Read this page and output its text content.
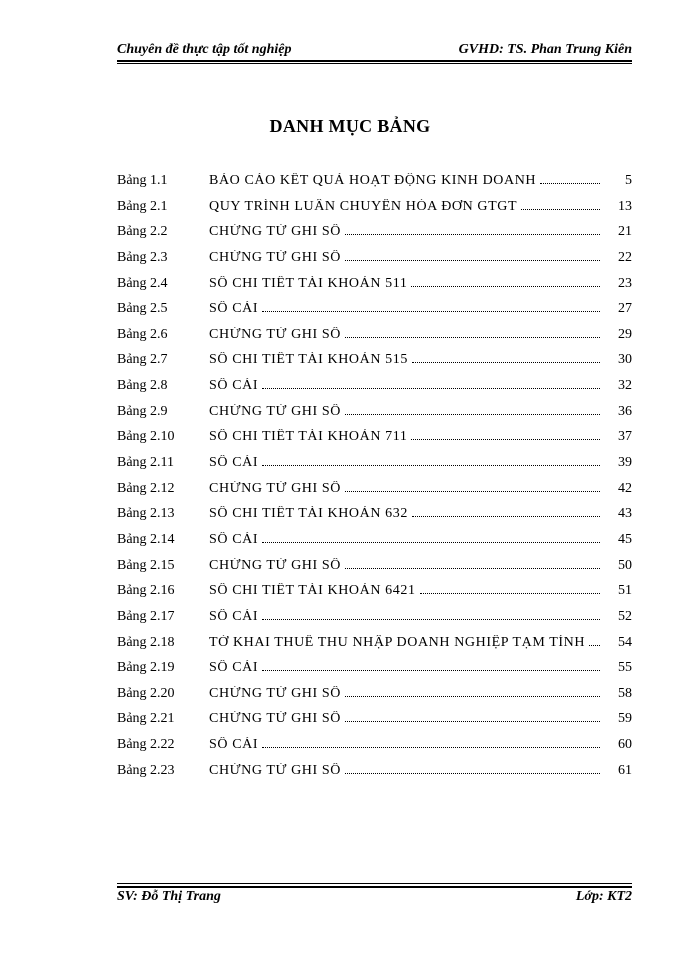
Chuyên đề thực tập tốt nghiệp	GVHD: TS. Phan Trung Kiên
DANH MỤC BẢNG
Bảng 1.1	BÁO CÁO KẾT QUẢ HOẠT ĐỘNG KINH DOANH	5
Bảng 2.1	QUY TRÌNH LUÂN CHUYỂN HÓA ĐƠN GTGT	13
Bảng 2.2	CHỨNG TỪ GHI SỔ	21
Bảng 2.3	CHỨNG TỪ GHI SỔ	22
Bảng 2.4	SỔ CHI TIẾT TÀI KHOẢN 511	23
Bảng 2.5	SỔ CÁI	27
Bảng 2.6	CHỨNG TỪ GHI SỔ	29
Bảng 2.7	SỔ CHI TIẾT TÀI KHOẢN 515	30
Bảng 2.8	SỔ CÁI	32
Bảng 2.9	CHỨNG TỪ GHI SỔ	36
Bảng 2.10 SỔ CHI TIẾT TÀI KHOẢN 711	37
Bảng 2.11 SỔ CÁI	39
Bảng 2.12 CHỨNG TỪ GHI SỔ	42
Bảng 2.13 SỔ CHI TIẾT TÀI KHOẢN 632	43
Bảng 2.14 SỔ CÁI	45
Bảng 2.15 CHỨNG TỪ GHI SỔ	50
Bảng 2.16 SỔ CHI TIẾT TÀI KHOẢN 6421	51
Bảng 2.17 SỔ CÁI	52
Bảng 2.18 TỜ KHAI THUẾ THU NHẬP DOANH NGHIỆP TẠM TÍNH 54
Bảng 2.19 SỔ CÁI	55
Bảng 2.20 CHỨNG TỪ GHI SỔ	58
Bảng 2.21 CHỨNG TỪ GHI SỔ	59
Bảng 2.22 SỔ CÁI	60
Bảng 2.23 CHỨNG TỪ GHI SỔ	61
SV: Đỗ Thị Trang	Lớp: KT2
